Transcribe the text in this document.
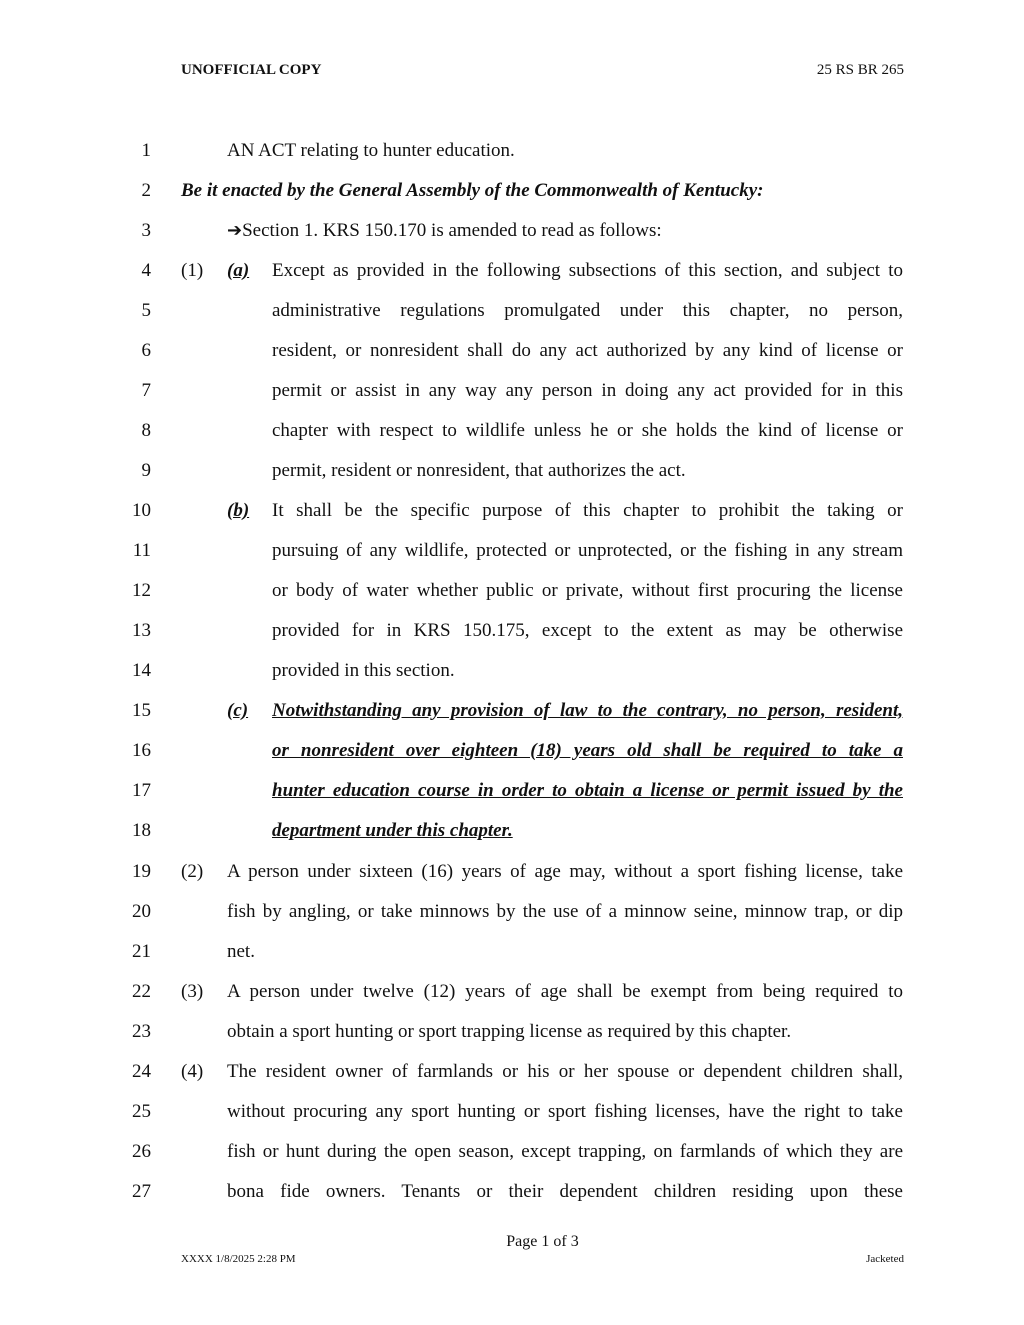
UNOFFICIAL COPY	25 RS BR 265
1	AN ACT relating to hunter education.
2 Be it enacted by the General Assembly of the Commonwealth of Kentucky:
3	➔Section 1. KRS 150.170 is amended to read as follows:
4 (1) (a) Except as provided in the following subsections of this section, and subject to
5	administrative regulations promulgated under this chapter, no person,
6	resident, or nonresident shall do any act authorized by any kind of license or
7	permit or assist in any way any person in doing any act provided for in this
8	chapter with respect to wildlife unless he or she holds the kind of license or
9	permit, resident or nonresident, that authorizes the act.
10	(b) It shall be the specific purpose of this chapter to prohibit the taking or
11	pursuing of any wildlife, protected or unprotected, or the fishing in any stream
12	or body of water whether public or private, without first procuring the license
13	provided for in KRS 150.175, except to the extent as may be otherwise
14	provided in this section.
15	(c) Notwithstanding any provision of law to the contrary, no person, resident,
16	or nonresident over eighteen (18) years old shall be required to take a
17	hunter education course in order to obtain a license or permit issued by the
18	department under this chapter.
19 (2) A person under sixteen (16) years of age may, without a sport fishing license, take
20	fish by angling, or take minnows by the use of a minnow seine, minnow trap, or dip
21	net.
22 (3) A person under twelve (12) years of age shall be exempt from being required to
23	obtain a sport hunting or sport trapping license as required by this chapter.
24 (4) The resident owner of farmlands or his or her spouse or dependent children shall,
25	without procuring any sport hunting or sport fishing licenses, have the right to take
26	fish or hunt during the open season, except trapping, on farmlands of which they are
27	bona fide owners. Tenants or their dependent children residing upon these
Page 1 of 3
XXXX 1/8/2025 2:28 PM	Jacketed
